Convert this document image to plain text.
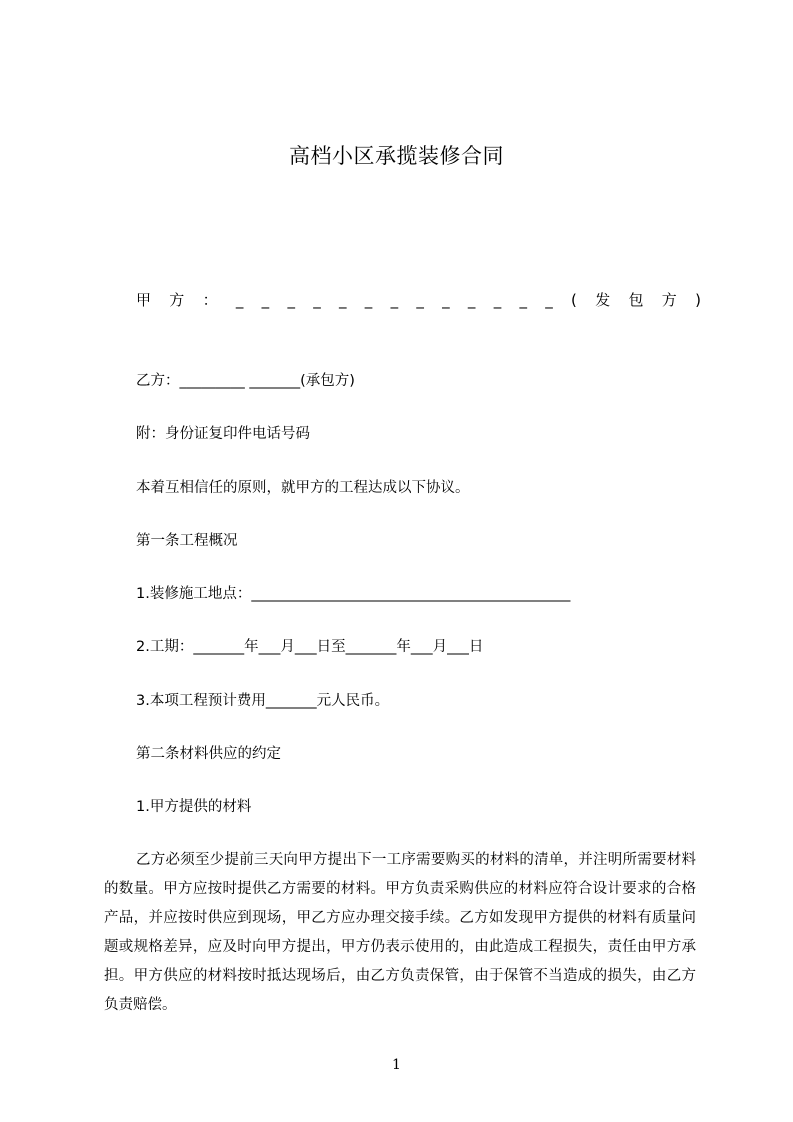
高档小区承揽装修合同
甲 方 ： _ _ _ _ _ _ _ _ _ _ _ _ _ ( 发 包 方 )
乙方：_________ _______(承包方)
附：身份证复印件电话号码
本着互相信任的原则，就甲方的工程达成以下协议。
第一条工程概况
1.装修施工地点：____________________________________________
2.工期：_______年___月___日至_______年___月___日
3.本项工程预计费用_______元人民币。
第二条材料供应的约定
1.甲方提供的材料
乙方必须至少提前三天向甲方提出下一工序需要购买的材料的清单，并注明所需要材料的数量。甲方应按时提供乙方需要的材料。甲方负责采购供应的材料应符合设计要求的合格产品，并应按时供应到现场，甲乙方应办理交接手续。乙方如发现甲方提供的材料有质量问题或规格差异，应及时向甲方提出，甲方仍表示使用的，由此造成工程损失，责任由甲方承担。甲方供应的材料按时抵达现场后，由乙方负责保管，由于保管不当造成的损失，由乙方负责赔偿。
1
